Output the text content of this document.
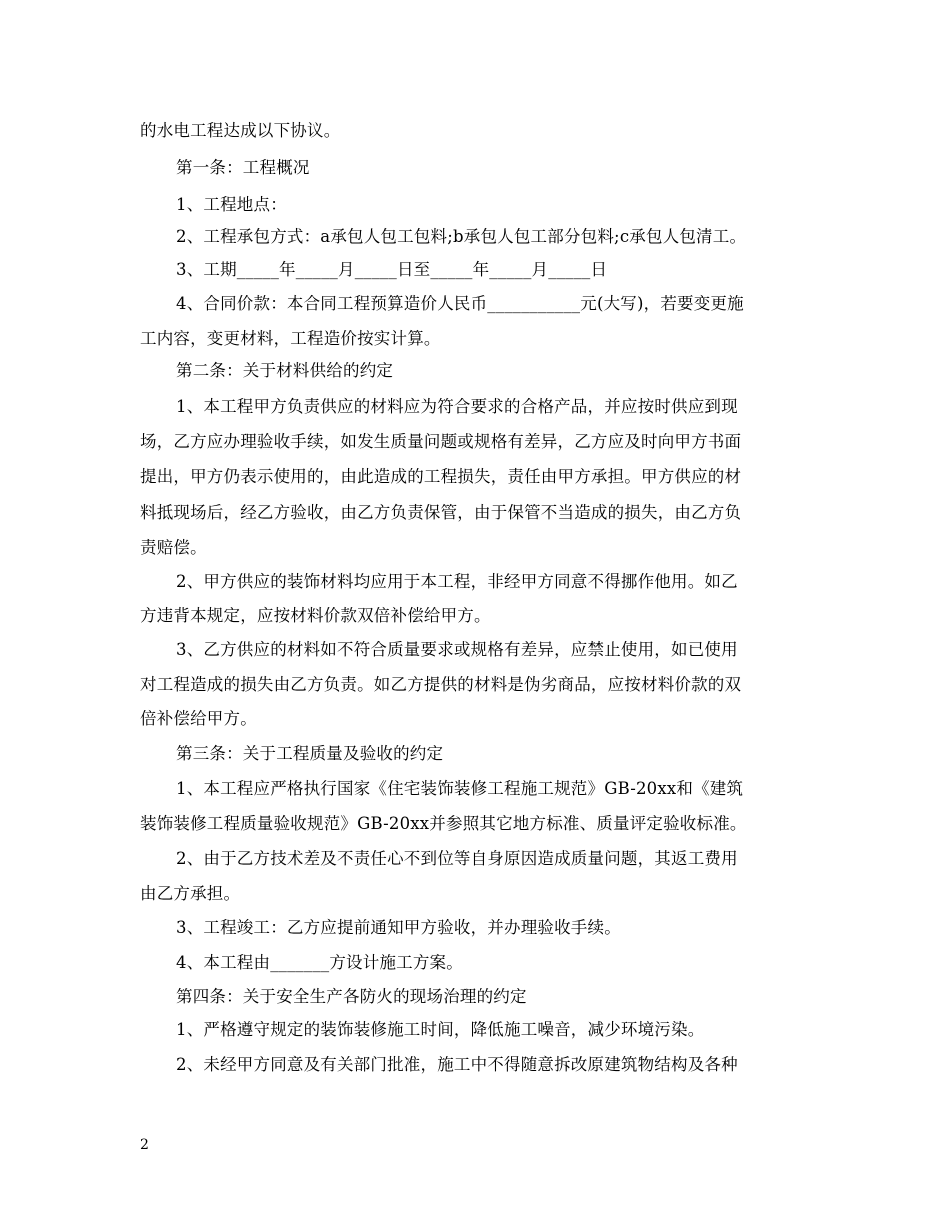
的水电工程达成以下协议。
第一条：工程概况
1、工程地点：
2、工程承包方式：a承包人包工包料;b承包人包工部分包料;c承包人包清工。
3、工期_____年_____月_____日至_____年_____月_____日
4、合同价款：本合同工程预算造价人民币___________元(大写)，若要变更施
工内容，变更材料，工程造价按实计算。
第二条：关于材料供给的约定
1、本工程甲方负责供应的材料应为符合要求的合格产品，并应按时供应到现
场，乙方应办理验收手续，如发生质量问题或规格有差异，乙方应及时向甲方书面
提出，甲方仍表示使用的，由此造成的工程损失，责任由甲方承担。甲方供应的材
料抵现场后，经乙方验收，由乙方负责保管，由于保管不当造成的损失，由乙方负
责赔偿。
2、甲方供应的装饰材料均应用于本工程，非经甲方同意不得挪作他用。如乙
方违背本规定，应按材料价款双倍补偿给甲方。
3、乙方供应的材料如不符合质量要求或规格有差异，应禁止使用，如已使用
对工程造成的损失由乙方负责。如乙方提供的材料是伪劣商品，应按材料价款的双
倍补偿给甲方。
第三条：关于工程质量及验收的约定
1、本工程应严格执行国家《住宅装饰装修工程施工规范》GB-20xx和《建筑
装饰装修工程质量验收规范》GB-20xx并参照其它地方标准、质量评定验收标准。
2、由于乙方技术差及不责任心不到位等自身原因造成质量问题，其返工费用
由乙方承担。
3、工程竣工：乙方应提前通知甲方验收，并办理验收手续。
4、本工程由_______方设计施工方案。
第四条：关于安全生产各防火的现场治理的约定
1、严格遵守规定的装饰装修施工时间，降低施工噪音，减少环境污染。
2、未经甲方同意及有关部门批准，施工中不得随意拆改原建筑物结构及各种
2
